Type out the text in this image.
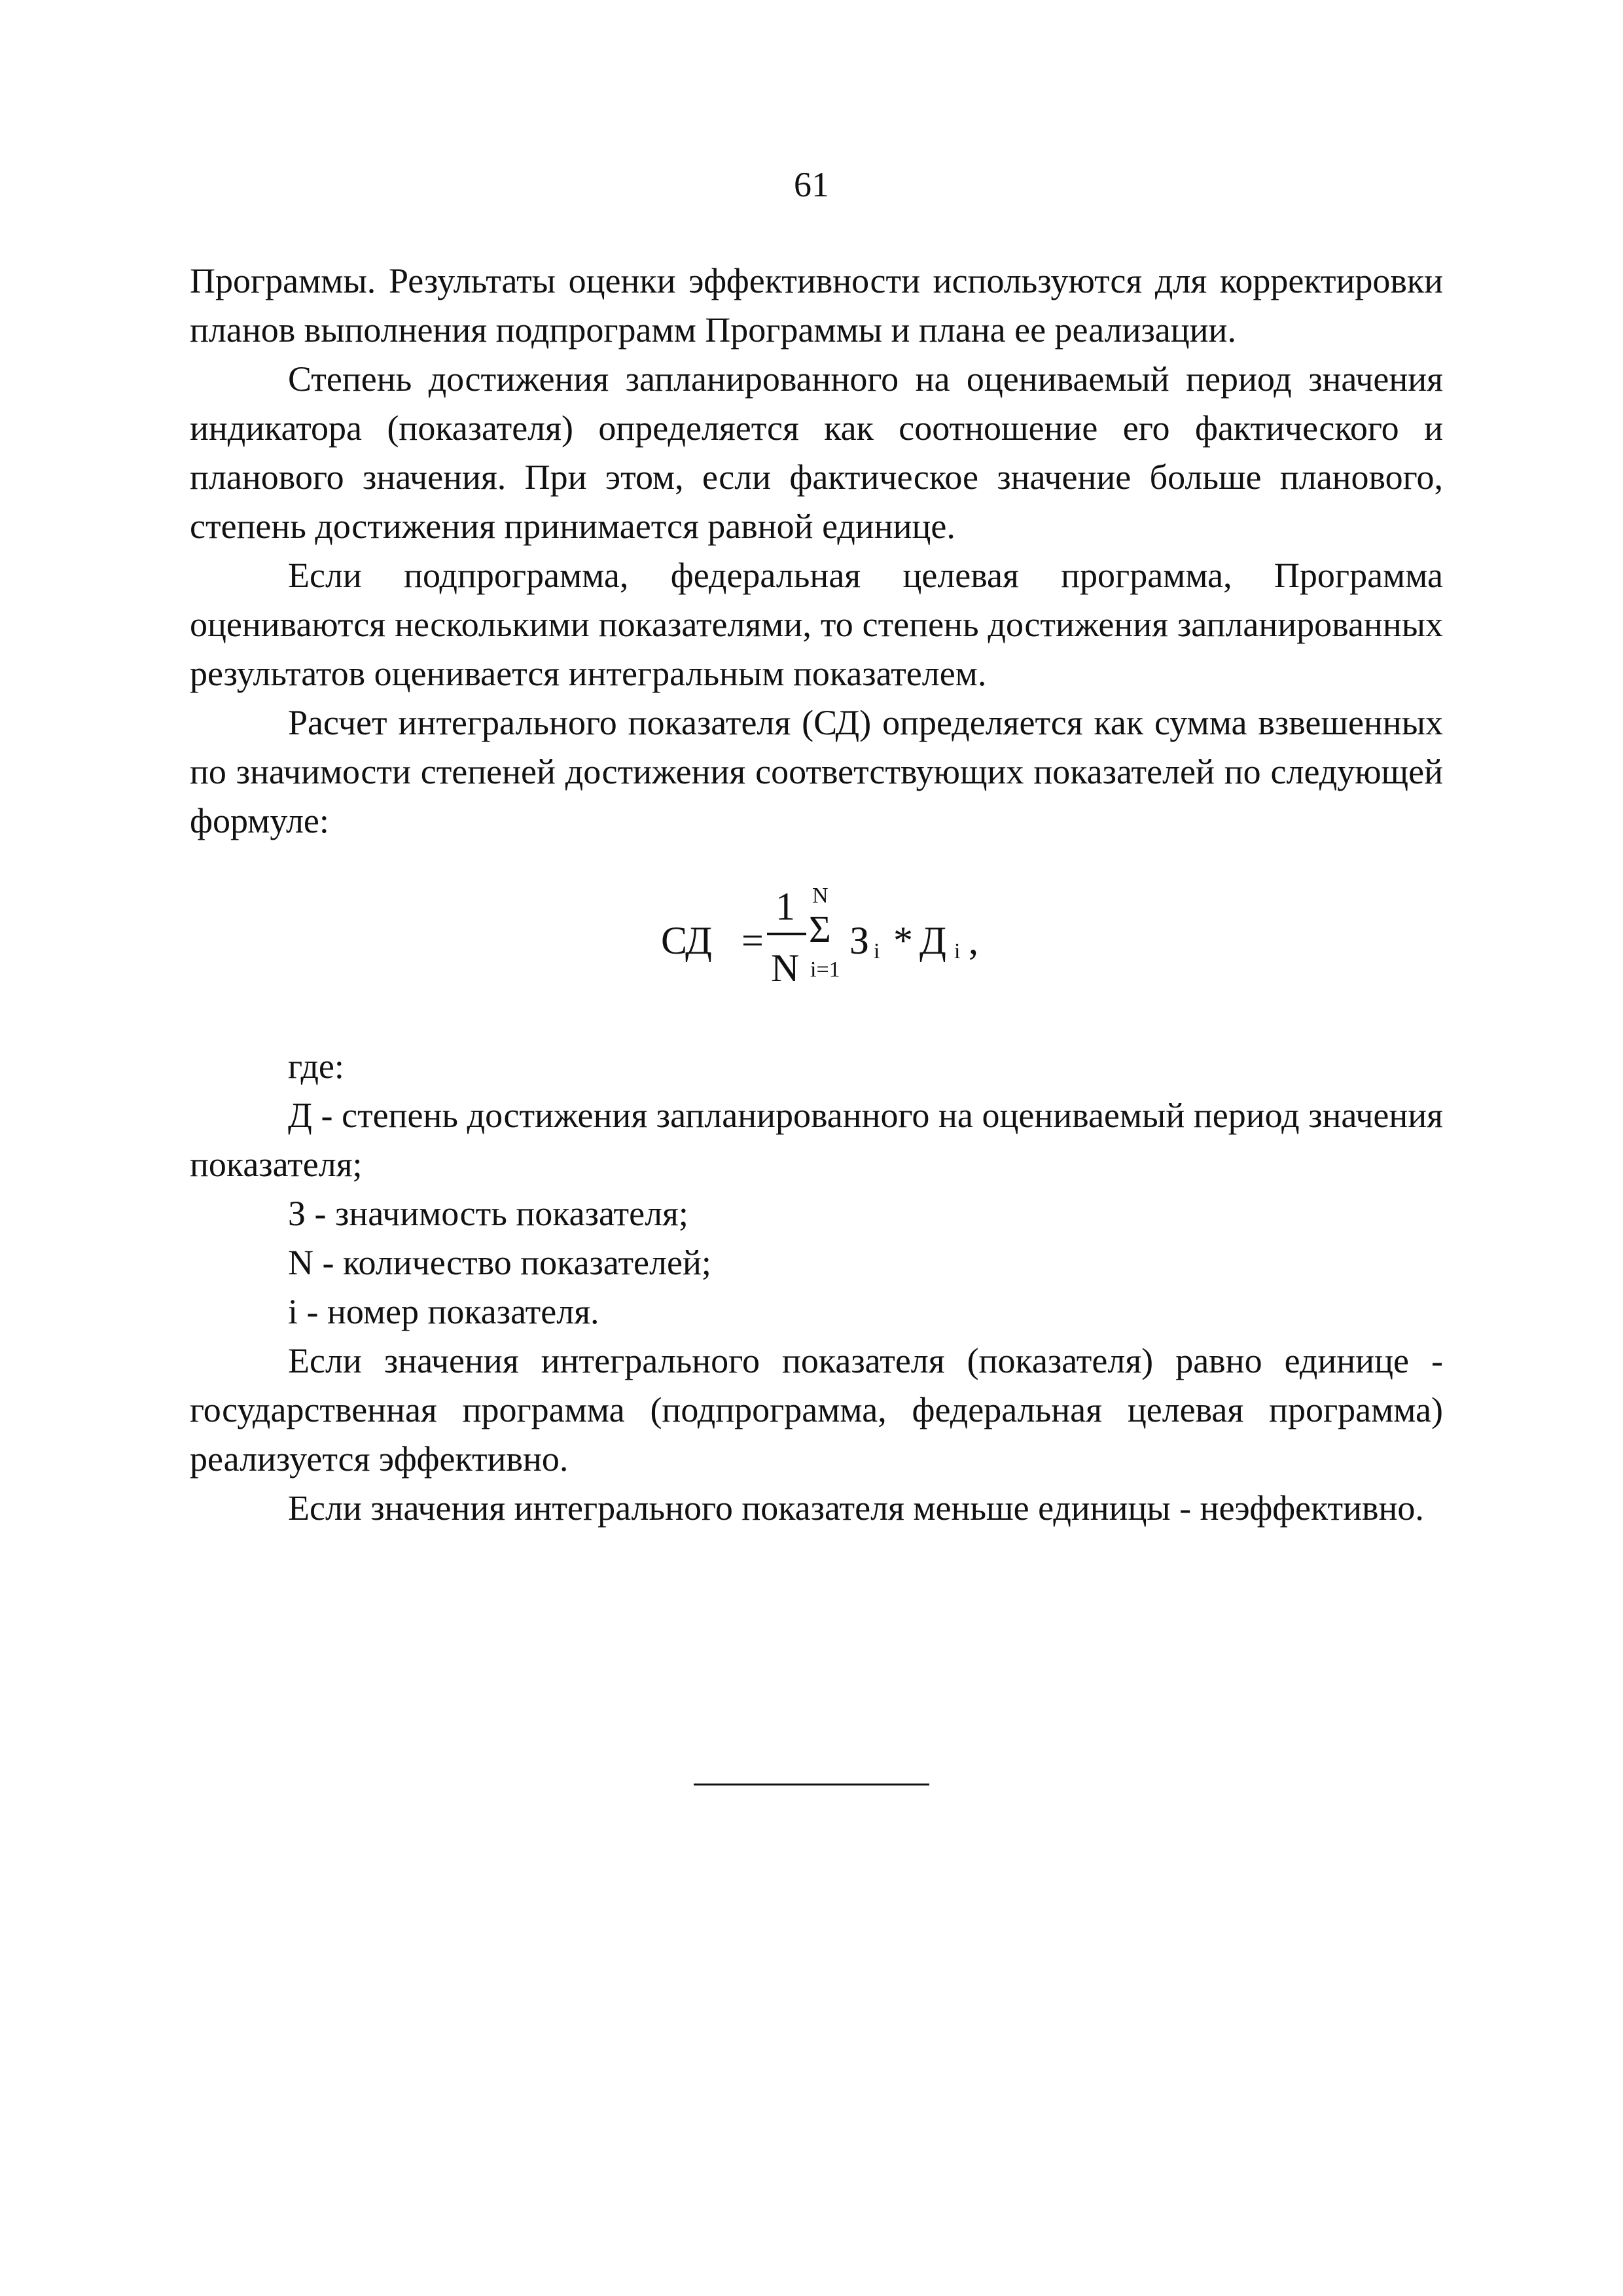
61

Программы. Результаты оценки эффективности используются для корректировки планов выполнения подпрограмм Программы и плана ее реализации.

Степень достижения запланированного на оцениваемый период значения индикатора (показателя) определяется как соотношение его фактического и планового значения. При этом, если фактическое значение больше планового, степень достижения принимается равной единице.

Если подпрограмма, федеральная целевая программа, Программа оцениваются несколькими показателями, то степень достижения запланированных результатов оценивается интегральным показателем.

Расчет интегрального показателя (СД) определяется как сумма взвешенных по значимости степеней достижения соответствующих показателей по следующей формуле:

СД =
1
N
N
Σ
i=1
З i * Д i ,

где:

Д - степень достижения запланированного на оцениваемый период значения показателя;

З - значимость показателя;

N - количество показателей;

i - номер показателя.

Если значения интегрального показателя (показателя) равно единице - государственная программа (подпрограмма, федеральная целевая программа) реализуется эффективно.

Если значения интегрального показателя меньше единицы - неэффективно.
